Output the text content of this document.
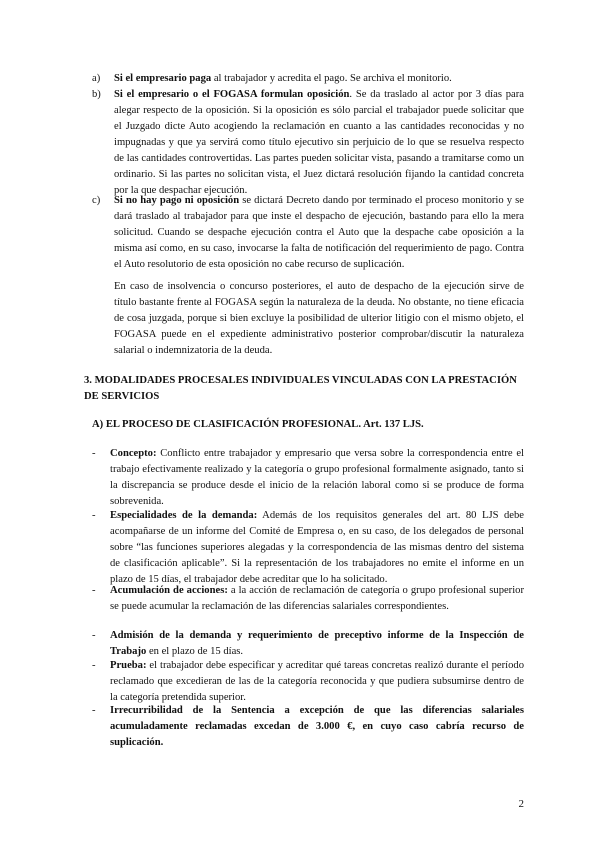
a) Si el empresario paga al trabajador y acredita el pago. Se archiva el monitorio.
b) Si el empresario o el FOGASA formulan oposición. Se da traslado al actor por 3 días para alegar respecto de la oposición. Si la oposición es sólo parcial el trabajador puede solicitar que el Juzgado dicte Auto acogiendo la reclamación en cuanto a las cantidades reconocidas y no impugnadas y que ya servirá como título ejecutivo sin perjuicio de lo que se resuelva respecto de las cantidades controvertidas. Las partes pueden solicitar vista, pasando a tramitarse como un ordinario. Si las partes no solicitan vista, el Juez dictará resolución fijando la cantidad concreta por la que despachar ejecución.
c) Si no hay pago ni oposición se dictará Decreto dando por terminado el proceso monitorio y se dará traslado al trabajador para que inste el despacho de ejecución, bastando para ello la mera solicitud. Cuando se despache ejecución contra el Auto que la despache cabe oposición a la misma así como, en su caso, invocarse la falta de notificación del requerimiento de pago. Contra el Auto resolutorio de esta oposición no cabe recurso de suplicación.
En caso de insolvencia o concurso posteriores, el auto de despacho de la ejecución sirve de título bastante frente al FOGASA según la naturaleza de la deuda. No obstante, no tiene eficacia de cosa juzgada, porque si bien excluye la posibilidad de ulterior litigio con el mismo objeto, el FOGASA puede en el expediente administrativo posterior comprobar/discutir la naturaleza salarial o indemnizatoria de la deuda.
3. MODALIDADES PROCESALES INDIVIDUALES VINCULADAS CON LA PRESTACIÓN DE SERVICIOS
A) EL PROCESO DE CLASIFICACIÓN PROFESIONAL. Art. 137 LJS.
- Concepto: Conflicto entre trabajador y empresario que versa sobre la correspondencia entre el trabajo efectivamente realizado y la categoría o grupo profesional formalmente asignado, tanto si la discrepancia se produce desde el inicio de la relación laboral como si se produce de forma sobrevenida.
- Especialidades de la demanda: Además de los requisitos generales del art. 80 LJS debe acompañarse de un informe del Comité de Empresa o, en su caso, de los delegados de personal sobre “las funciones superiores alegadas y la correspondencia de las mismas dentro del sistema de clasificación aplicable”. Si la representación de los trabajadores no emite el informe en un plazo de 15 días, el trabajador debe acreditar que lo ha solicitado.
- Acumulación de acciones: a la acción de reclamación de categoría o grupo profesional superior se puede acumular la reclamación de las diferencias salariales correspondientes.
- Admisión de la demanda y requerimiento de preceptivo informe de la Inspección de Trabajo en el plazo de 15 días.
- Prueba: el trabajador debe especificar y acreditar qué tareas concretas realizó durante el período reclamado que excedieran de las de la categoría reconocida y que pudiera subsumirse dentro de la categoría pretendida superior.
- Irrecurribilidad de la Sentencia a excepción de que las diferencias salariales acumuladamente reclamadas excedan de 3.000 €, en cuyo caso cabría recurso de suplicación.
2
